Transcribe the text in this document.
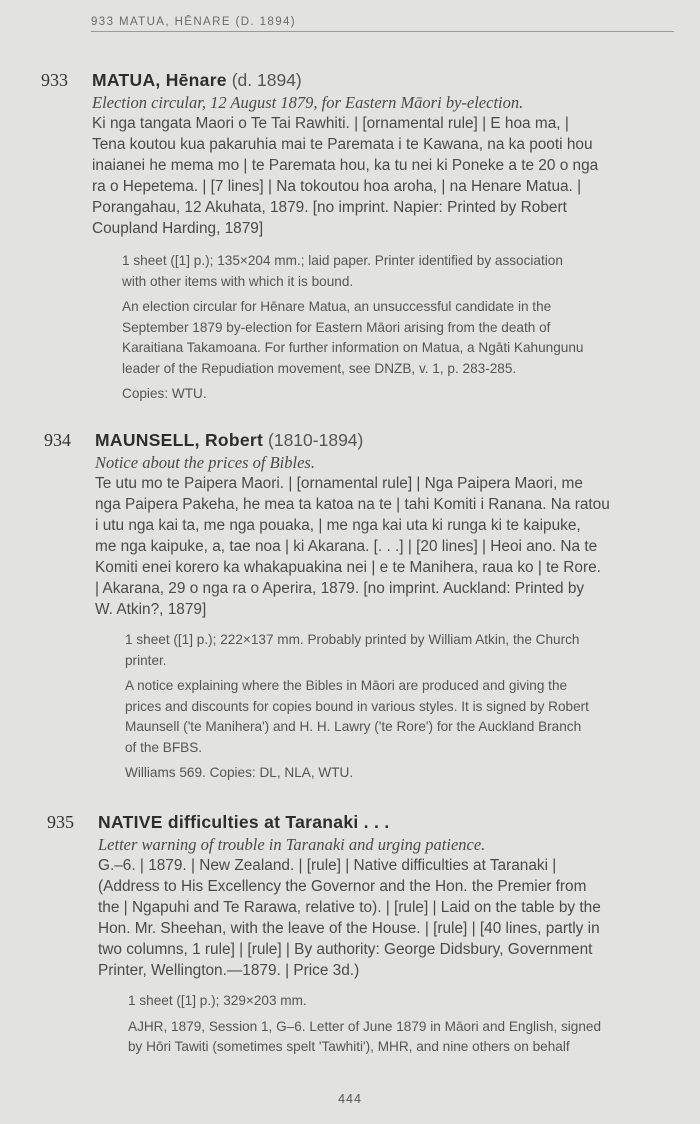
933 MATUA, HĒNARE (D. 1894)
933 MATUA, Hēnare (d. 1894)
Election circular, 12 August 1879, for Eastern Māori by-election.
Ki nga tangata Maori o Te Tai Rawhiti. | [ornamental rule] | E hoa ma, |
Tena koutou kua pakaruhia mai te Paremata i te Kawana, na ka pooti hou
inaianei he mema mo | te Paremata hou, ka tu nei ki Poneke a te 20 o nga
ra o Hepetema. | [7 lines] | Na tokoutou hoa aroha, | na Henare Matua. |
Porangahau, 12 Akuhata, 1879. [no imprint. Napier: Printed by Robert
Coupland Harding, 1879]
1 sheet ([1] p.); 135×204 mm.; laid paper. Printer identified by association
with other items with which it is bound.
An election circular for Hēnare Matua, an unsuccessful candidate in the
September 1879 by-election for Eastern Māori arising from the death of
Karaitiana Takamoana. For further information on Matua, a Ngāti Kahungunu
leader of the Repudiation movement, see DNZB, v. 1, p. 283-285.
Copies: WTU.
934 MAUNSELL, Robert (1810-1894)
Notice about the prices of Bibles.
Te utu mo te Paipera Maori. | [ornamental rule] | Nga Paipera Maori, me
nga Paipera Pakeha, he mea ta katoa na te | tahi Komiti i Ranana. Na ratou
i utu nga kai ta, me nga pouaka, | me nga kai uta ki runga ki te kaipuke,
me nga kaipuke, a, tae noa | ki Akarana. [. . .] | [20 lines] | Heoi ano. Na te
Komiti enei korero ka whakapuakina nei | e te Manihera, raua ko | te Rore.
| Akarana, 29 o nga ra o Aperira, 1879. [no imprint. Auckland: Printed by
W. Atkin?, 1879]
1 sheet ([1] p.); 222×137 mm. Probably printed by William Atkin, the Church
printer.
A notice explaining where the Bibles in Māori are produced and giving the
prices and discounts for copies bound in various styles. It is signed by Robert
Maunsell ('te Manihera') and H. H. Lawry ('te Rore') for the Auckland Branch
of the BFBS.
Williams 569. Copies: DL, NLA, WTU.
935 NATIVE difficulties at Taranaki . . .
Letter warning of trouble in Taranaki and urging patience.
G.–6. | 1879. | New Zealand. | [rule] | Native difficulties at Taranaki |
(Address to His Excellency the Governor and the Hon. the Premier from
the | Ngapuhi and Te Rarawa, relative to). | [rule] | Laid on the table by the
Hon. Mr. Sheehan, with the leave of the House. | [rule] | [40 lines, partly in
two columns, 1 rule] | [rule] | By authority: George Didsbury, Government
Printer, Wellington.—1879. | Price 3d.)
1 sheet ([1] p.); 329×203 mm.
AJHR, 1879, Session 1, G–6. Letter of June 1879 in Māori and English, signed
by Hōri Tawiti (sometimes spelt 'Tawhiti'), MHR, and nine others on behalf
444
